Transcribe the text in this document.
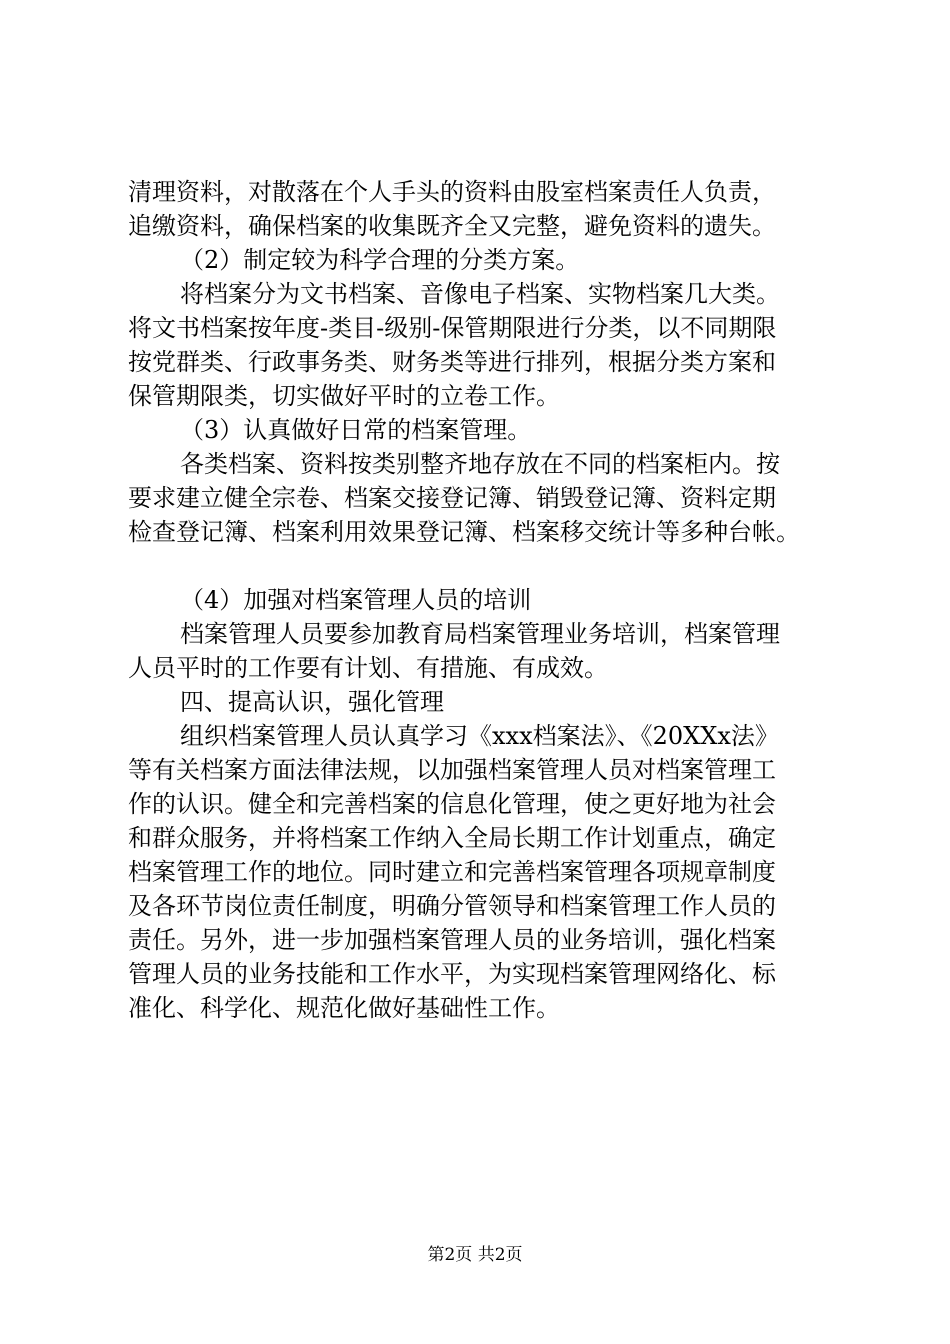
清理资料，对散落在个人手头的资料由股室档案责任人负责，
追缴资料，确保档案的收集既齐全又完整，避免资料的遗失。
（2）制定较为科学合理的分类方案。
将档案分为文书档案、音像电子档案、实物档案几大类。
将文书档案按年度-类目-级别-保管期限进行分类，以不同期限
按党群类、行政事务类、财务类等进行排列，根据分类方案和
保管期限类，切实做好平时的立卷工作。
（3）认真做好日常的档案管理。
各类档案、资料按类别整齐地存放在不同的档案柜内。按
要求建立健全宗卷、档案交接登记簿、销毁登记簿、资料定期
检查登记簿、档案利用效果登记簿、档案移交统计等多种台帐。
（4）加强对档案管理人员的培训
档案管理人员要参加教育局档案管理业务培训，档案管理
人员平时的工作要有计划、有措施、有成效。
四、提高认识，强化管理
组织档案管理人员认真学习《xxx档案法》、《20XXx法》
等有关档案方面法律法规，以加强档案管理人员对档案管理工
作的认识。健全和完善档案的信息化管理，使之更好地为社会
和群众服务，并将档案工作纳入全局长期工作计划重点，确定
档案管理工作的地位。同时建立和完善档案管理各项规章制度
及各环节岗位责任制度，明确分管领导和档案管理工作人员的
责任。另外，进一步加强档案管理人员的业务培训，强化档案
管理人员的业务技能和工作水平，为实现档案管理网络化、标
准化、科学化、规范化做好基础性工作。
第2页 共2页
